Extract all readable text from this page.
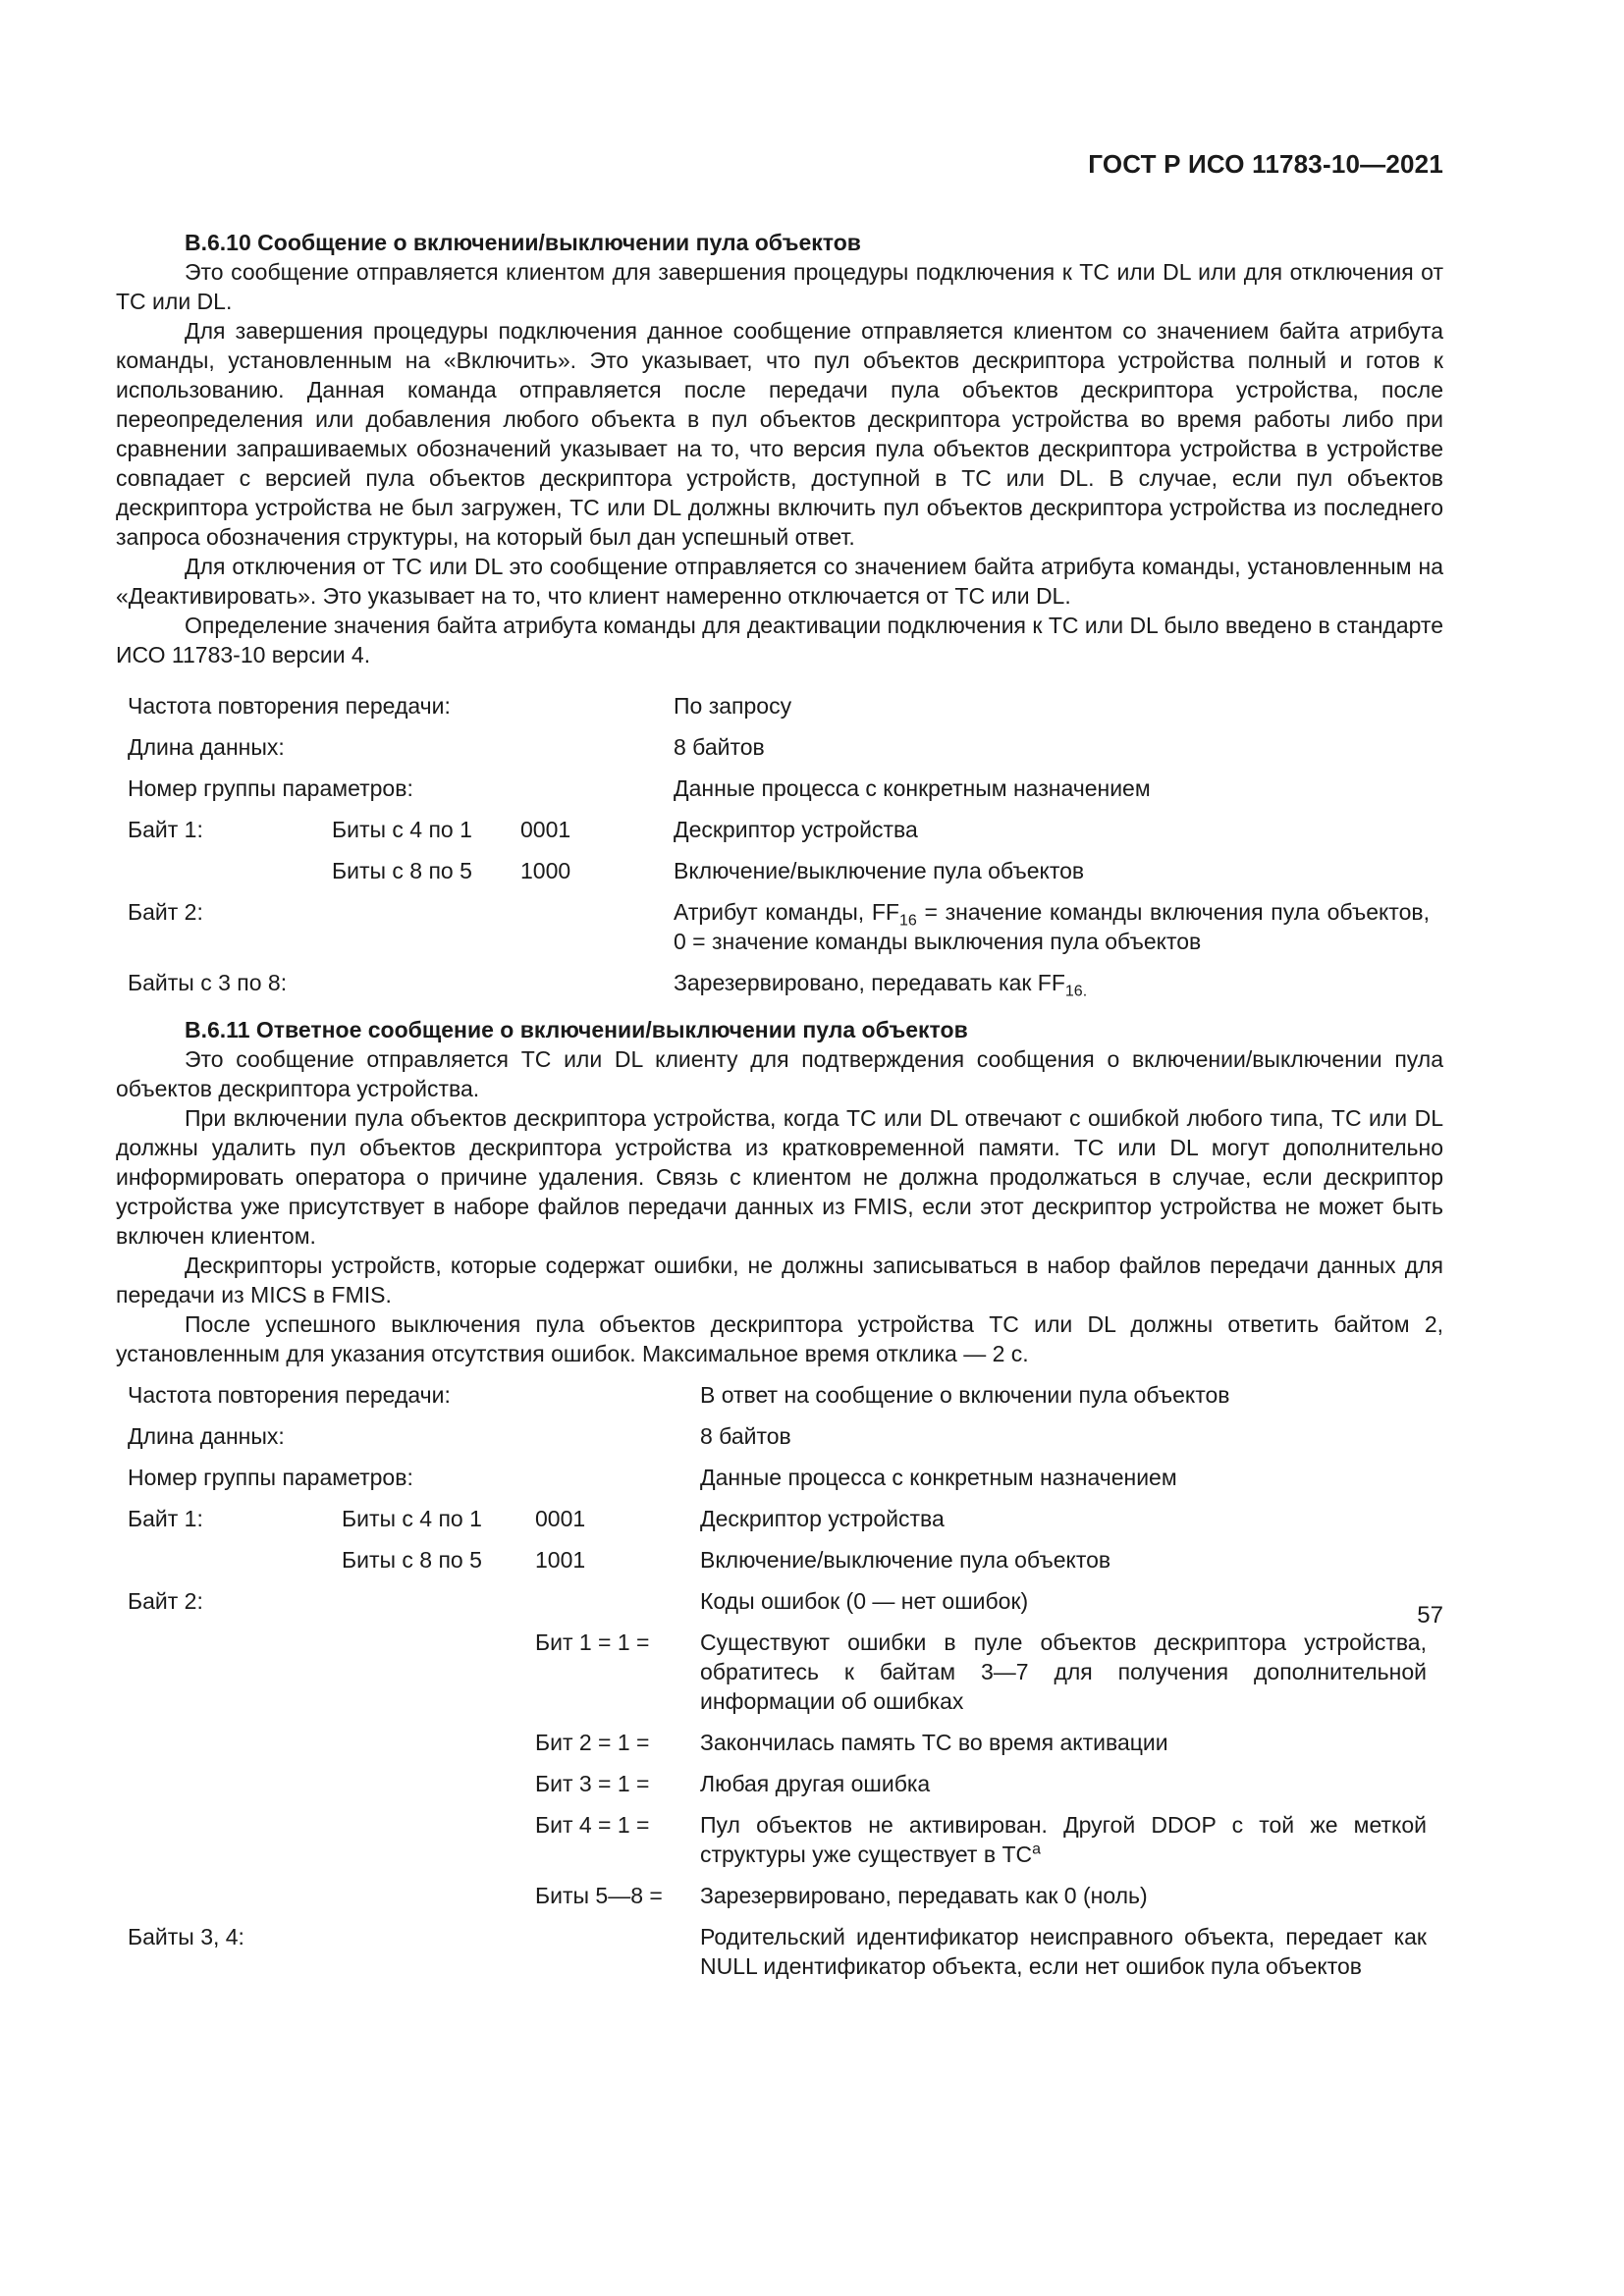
ГОСТ Р ИСО 11783-10—2021
B.6.10 Сообщение о включении/выключении пула объектов

Это сообщение отправляется клиентом для завершения процедуры подключения к TC или DL или для отключения от TC или DL.

Для завершения процедуры подключения данное сообщение отправляется клиентом со значением байта атрибута команды, установленным на «Включить». Это указывает, что пул объектов дескриптора устройства полный и готов к использованию. Данная команда отправляется после передачи пула объектов дескриптора устройства, после переопределения или добавления любого объекта в пул объектов дескриптора устройства во время работы либо при сравнении запрашиваемых обозначений указывает на то, что версия пула объектов дескриптора устройства в устройстве совпадает с версией пула объектов дескриптора устройств, доступной в TC или DL. В случае, если пул объектов дескриптора устройства не был загружен, TC или DL должны включить пул объектов дескриптора устройства из последнего запроса обозначения структуры, на который был дан успешный ответ.

Для отключения от TC или DL это сообщение отправляется со значением байта атрибута команды, установленным на «Деактивировать». Это указывает на то, что клиент намеренно отключается от TC или DL.

Определение значения байта атрибута команды для деактивации подключения к TC или DL было введено в стандарте ИСО 11783-10 версии 4.

Частота повторения передачи:			По запросу
Длина данных:			8 байтов
Номер группы параметров:			Данные процесса с конкретным назначением
Байт 1:	Биты с 4 по 1	0001	Дескриптор устройства
	Биты с 8 по 5	1000	Включение/выключение пула объектов
Байт 2:			Атрибут команды, $FF_{16}$ = значение команды включения пула объектов, 0 = значение команды выключения пула объектов
Байты с 3 по 8:			Зарезервировано, передавать как $FF_{16.}$
B.6.11 Ответное сообщение о включении/выключении пула объектов

Это сообщение отправляется TC или DL клиенту для подтверждения сообщения о включении/выключении пула объектов дескриптора устройства.

При включении пула объектов дескриптора устройства, когда TC или DL отвечают с ошибкой любого типа, TC или DL должны удалить пул объектов дескриптора устройства из кратковременной памяти. TC или DL могут дополнительно информировать оператора о причине удаления. Связь с клиентом не должна продолжаться в случае, если дескриптор устройства уже присутствует в наборе файлов передачи данных из FMIS, если этот дескриптор устройства не может быть включен клиентом.

Дескрипторы устройств, которые содержат ошибки, не должны записываться в набор файлов передачи данных для передачи из MICS в FMIS.

После успешного выключения пула объектов дескриптора устройства TC или DL должны ответить байтом 2, установленным для указания отсутствия ошибок. Максимальное время отклика — 2 с.

Частота повторения передачи:			В ответ на сообщение о включении пула объектов
Длина данных:			8 байтов
Номер группы параметров:			Данные процесса с конкретным назначением
Байт 1:	Биты с 4 по 1	0001	Дескриптор устройства
	Биты с 8 по 5	1001	Включение/выключение пула объектов
Байт 2:			Коды ошибок (0 — нет ошибок)
		Бит 1 = 1 =	Существуют ошибки в пуле объектов дескриптора устройства, обратитесь к байтам 3—7 для получения дополнительной информации об ошибках
		Бит 2 = 1 =	Закончилась память TC во время активации
		Бит 3 = 1 =	Любая другая ошибка
		Бит 4 = 1 =	Пул объектов не активирован. Другой DDOP с той же меткой структуры уже существует в $TC^a$
		Биты 5—8 =	Зарезервировано, передавать как 0 (ноль)
Байты 3, 4:			Родительский идентификатор неисправного объекта, передает как NULL идентификатор объекта, если нет ошибок пула объектов
57
